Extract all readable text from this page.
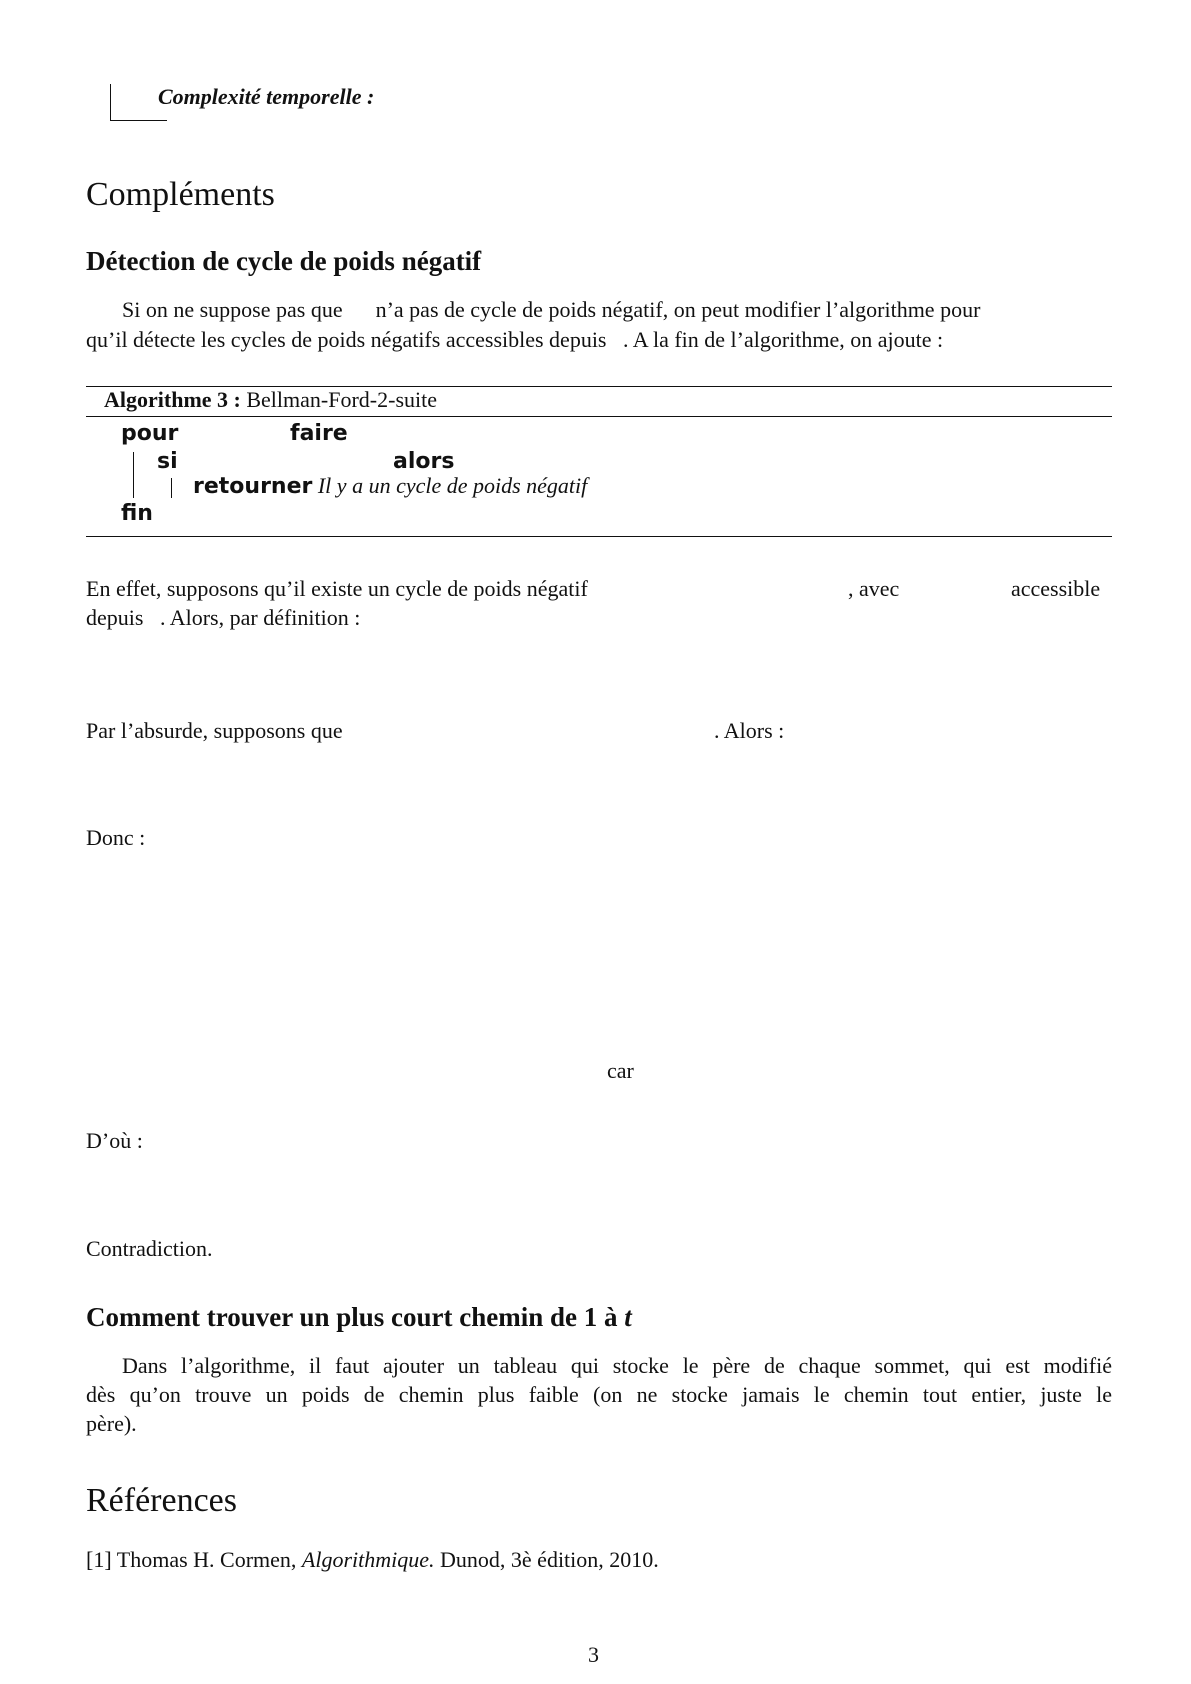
Complexité temporelle :
Compléments
Détection de cycle de poids négatif
Si on ne suppose pas que      n’a pas de cycle de poids négatif, on peut modifier l’algorithme pour
qu’il détecte les cycles de poids négatifs accessibles depuis   . A la fin de l’algorithme, on ajoute :
Algorithme 3 : Bellman-Ford-2-suite
pour	faire
si	alors
retourner Il y a un cycle de poids négatif
fin
En effet, supposons qu’il existe un cycle de poids négatif	, avec	accessible
depuis   . Alors, par définition :
Par l’absurde, supposons que	. Alors :
Donc :
car
D’où :
Contradiction.
Comment trouver un plus court chemin de 1 à t
Dans l’algorithme, il faut ajouter un tableau qui stocke le père de chaque sommet, qui est modifié
dès qu’on trouve un poids de chemin plus faible (on ne stocke jamais le chemin tout entier, juste le
père).
Références
[1] Thomas H. Cormen, Algorithmique. Dunod, 3è édition, 2010.
3
